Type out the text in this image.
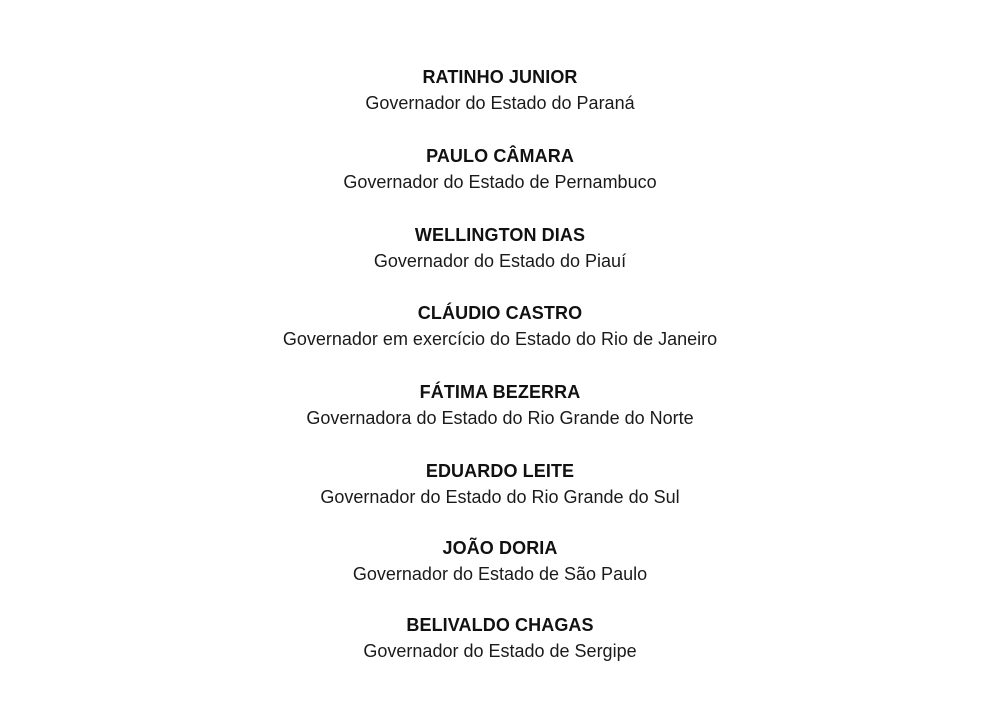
RATINHO JUNIOR
Governador do Estado do Paraná
PAULO CÂMARA
Governador do Estado de Pernambuco
WELLINGTON DIAS
Governador do Estado do Piauí
CLÁUDIO CASTRO
Governador em exercício do Estado do Rio de Janeiro
FÁTIMA BEZERRA
Governadora do Estado do Rio Grande do Norte
EDUARDO LEITE
Governador do Estado do Rio Grande do Sul
JOÃO DORIA
Governador do Estado de São Paulo
BELIVALDO CHAGAS
Governador do Estado de Sergipe
